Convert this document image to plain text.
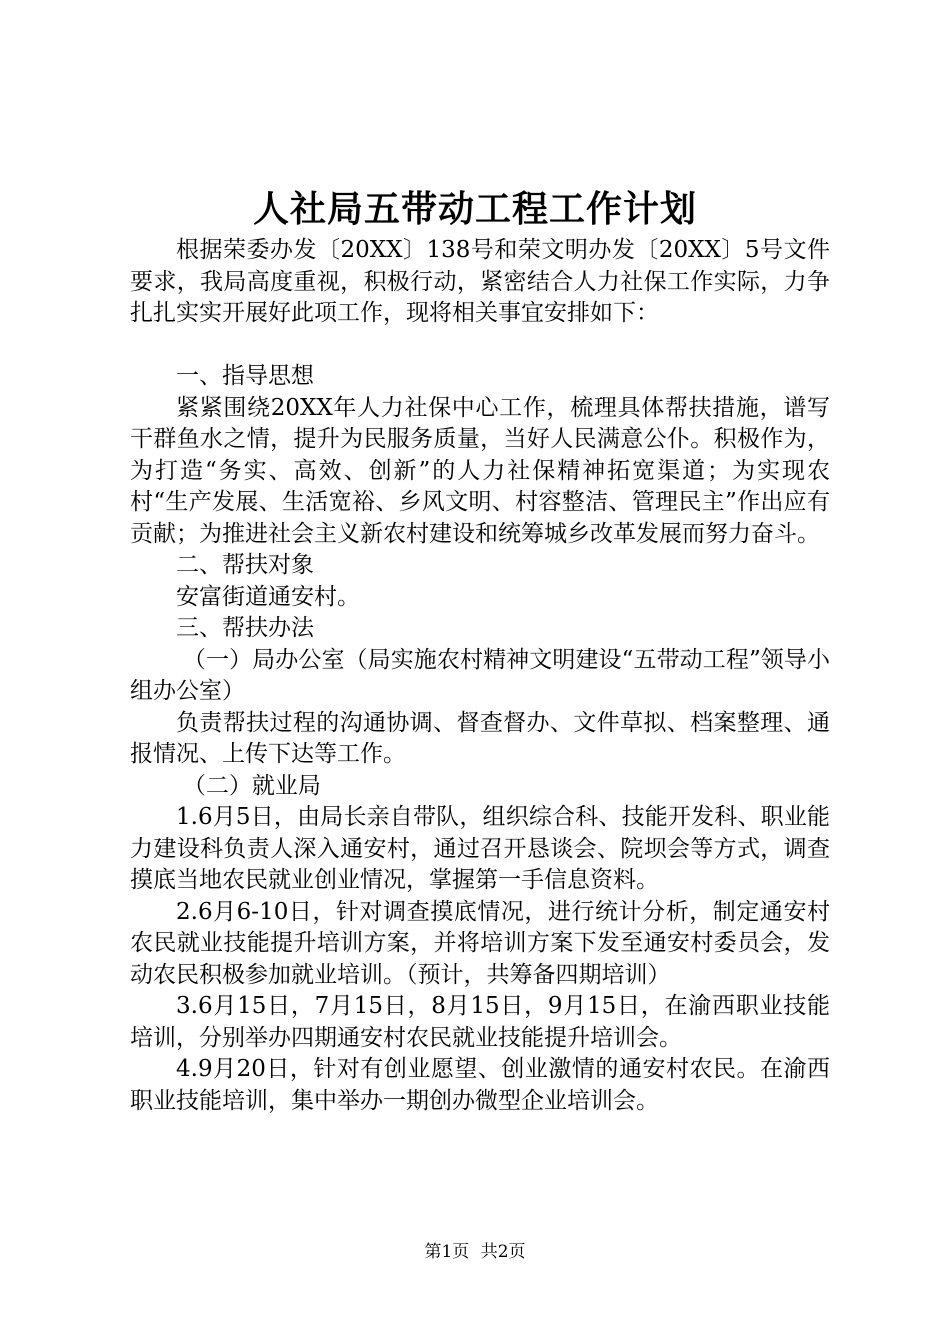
人社局五带动工程工作计划

根据荣委办发〔20XX〕138号和荣文明办发〔20XX〕5号文件要求，我局高度重视，积极行动，紧密结合人力社保工作实际，力争扎扎实实开展好此项工作，现将相关事宜安排如下：

一、指导思想

紧紧围绕20XX年人力社保中心工作，梳理具体帮扶措施，谱写干群鱼水之情，提升为民服务质量，当好人民满意公仆。积极作为，为打造“务实、高效、创新”的人力社保精神拓宽渠道；为实现农村“生产发展、生活宽裕、乡风文明、村容整洁、管理民主”作出应有贡献；为推进社会主义新农村建设和统筹城乡改革发展而努力奋斗。

二、帮扶对象

安富街道通安村。

三、帮扶办法

（一）局办公室（局实施农村精神文明建设“五带动工程”领导小组办公室）

负责帮扶过程的沟通协调、督查督办、文件草拟、档案整理、通报情况、上传下达等工作。

（二）就业局

1.6月5日，由局长亲自带队，组织综合科、技能开发科、职业能力建设科负责人深入通安村，通过召开恳谈会、院坝会等方式，调查摸底当地农民就业创业情况，掌握第一手信息资料。

2.6月6-10日，针对调查摸底情况，进行统计分析，制定通安村农民就业技能提升培训方案，并将培训方案下发至通安村委员会，发动农民积极参加就业培训。（预计，共筹备四期培训）

3.6月15日，7月15日，8月15日，9月15日，在渝西职业技能培训，分别举办四期通安村农民就业技能提升培训会。

4.9月20日，针对有创业愿望、创业激情的通安村农民。在渝西职业技能培训，集中举办一期创办微型企业培训会。

第1页 共2页
